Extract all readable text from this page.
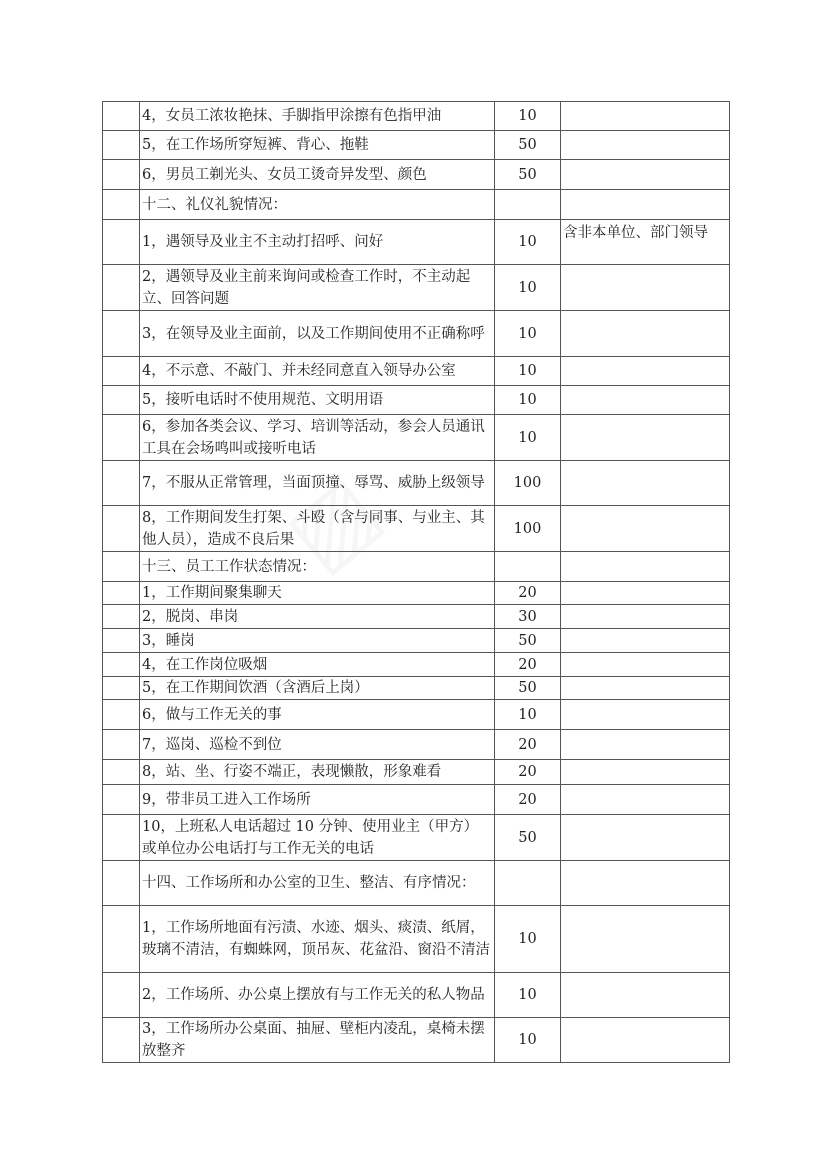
	4，女员工浓妆艳抹、手脚指甲涂擦有色指甲油	10	
	5，在工作场所穿短裤、背心、拖鞋	50	
	6，男员工剃光头、女员工烫奇异发型、颜色	50	
	十二、礼仪礼貌情况：		
	1，遇领导及业主不主动打招呼、问好	10	含非本单位、部门领导
	2，遇领导及业主前来询问或检查工作时，不主动起立、回答问题	10	
	3，在领导及业主面前，以及工作期间使用不正确称呼	10	
	4，不示意、不敲门、并未经同意直入领导办公室	10	
	5，接听电话时不使用规范、文明用语	10	
	6，参加各类会议、学习、培训等活动，参会人员通讯工具在会场鸣叫或接听电话	10	
	7，不服从正常管理，当面顶撞、辱骂、威胁上级领导	100	
	8，工作期间发生打架、斗殴（含与同事、与业主、其他人员），造成不良后果	100	
	十三、员工工作状态情况：		
	1，工作期间聚集聊天	20	
	2，脱岗、串岗	30	
	3，睡岗	50	
	4，在工作岗位吸烟	20	
	5，在工作期间饮酒（含酒后上岗）	50	
	6，做与工作无关的事	10	
	7，巡岗、巡检不到位	20	
	8，站、坐、行姿不端正，表现懒散，形象难看	20	
	9，带非员工进入工作场所	20	
	10，上班私人电话超过 10 分钟、使用业主（甲方）或单位办公电话打与工作无关的电话	50	
	十四、工作场所和办公室的卫生、整洁、有序情况：		
	1，工作场所地面有污渍、水迹、烟头、痰渍、纸屑，玻璃不清洁，有蜘蛛网，顶吊灰、花盆沿、窗沿不清洁	10	
	2，工作场所、办公桌上摆放有与工作无关的私人物品	10	
	3，工作场所办公桌面、抽屉、壁柜内凌乱，桌椅未摆放整齐	10	
